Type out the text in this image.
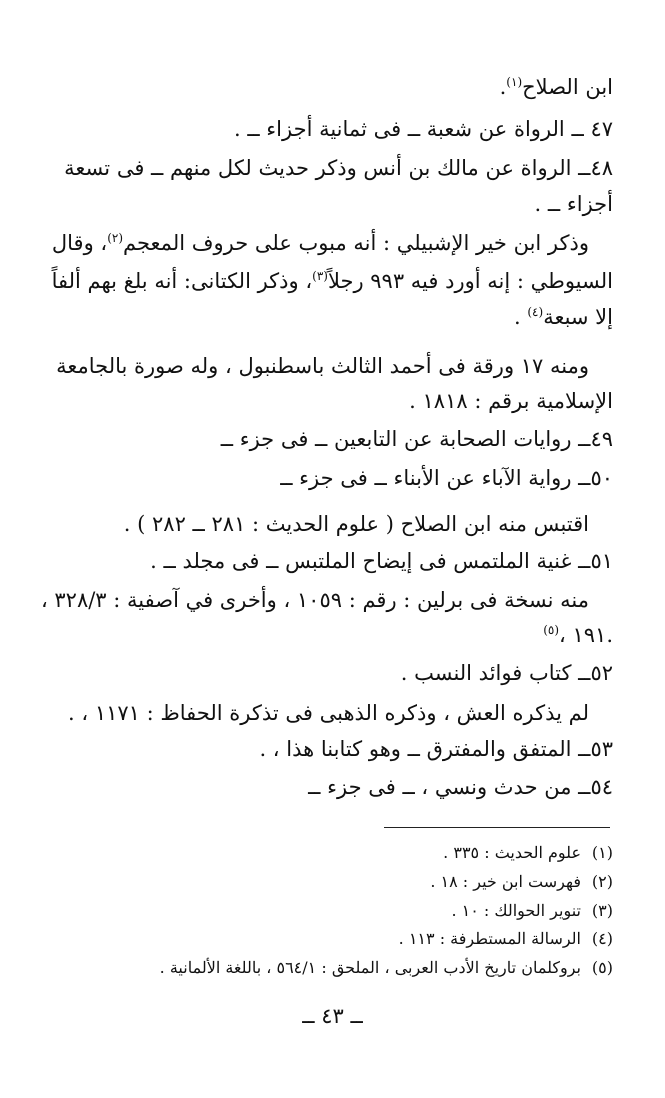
ابن الصلاح$^{(١)}$.
٤٧ ــ الرواة عن شعبة ــ فى ثمانية أجزاء ــ .
٤٨ــ الرواة عن مالك بن أنس وذكر حديث لكل منهم ــ فى تسعة
أجزاء ــ .
وذكر ابن خير الإشبيلي : أنه مبوب على حروف المعجم$^{(٢)}$، وقال
السيوطي : إنه أورد فيه ٩٩٣ رجلاً$^{(٣)}$، وذكر الكتانى: أنه بلغ بهم ألفاً
إلا سبعة$^{(٤)}$ .
ومنه ١٧ ورقة فى أحمد الثالث باسطنبول ، وله صورة بالجامعة
الإسلامية برقم : ١٨١٨ .
٤٩ــ روايات الصحابة عن التابعين ــ فى جزء ــ
٥٠ــ رواية الآباء عن الأبناء ــ فى جزء ــ
اقتبس منه ابن الصلاح ( علوم الحديث : ٢٨١ ــ ٢٨٢ ) .
٥١ــ غنية الملتمس فى إيضاح الملتبس ــ فى مجلد ــ .
منه نسخة فى برلين : رقم : ١٠٥٩ ، وأخرى في آصفية : ٣٢٨/٣ ،
١٩١ ،$^{(٥)}$ .
٥٢ــ كتاب فوائد النسب .
لم يذكره العش ، وذكره الذهبى فى تذكرة الحفاظ : ١١٧١ ، .
٥٣ــ المتفق والمفترق ــ وهو كتابنا هذا ، .
٥٤ــ من حدث ونسي ، ــ فى جزء ــ
(١)علوم الحديث : ٣٣٥ .
(٢)فهرست ابن خير : ١٨ .
(٣)تنوير الحوالك : ١٠ .
(٤)الرسالة المستطرفة : ١١٣ .
(٥)بروكلمان تاريخ الأدب العربى ، الملحق : ٥٦٤/١ ، باللغة الألمانية .
ــ ٤٣ ــ
